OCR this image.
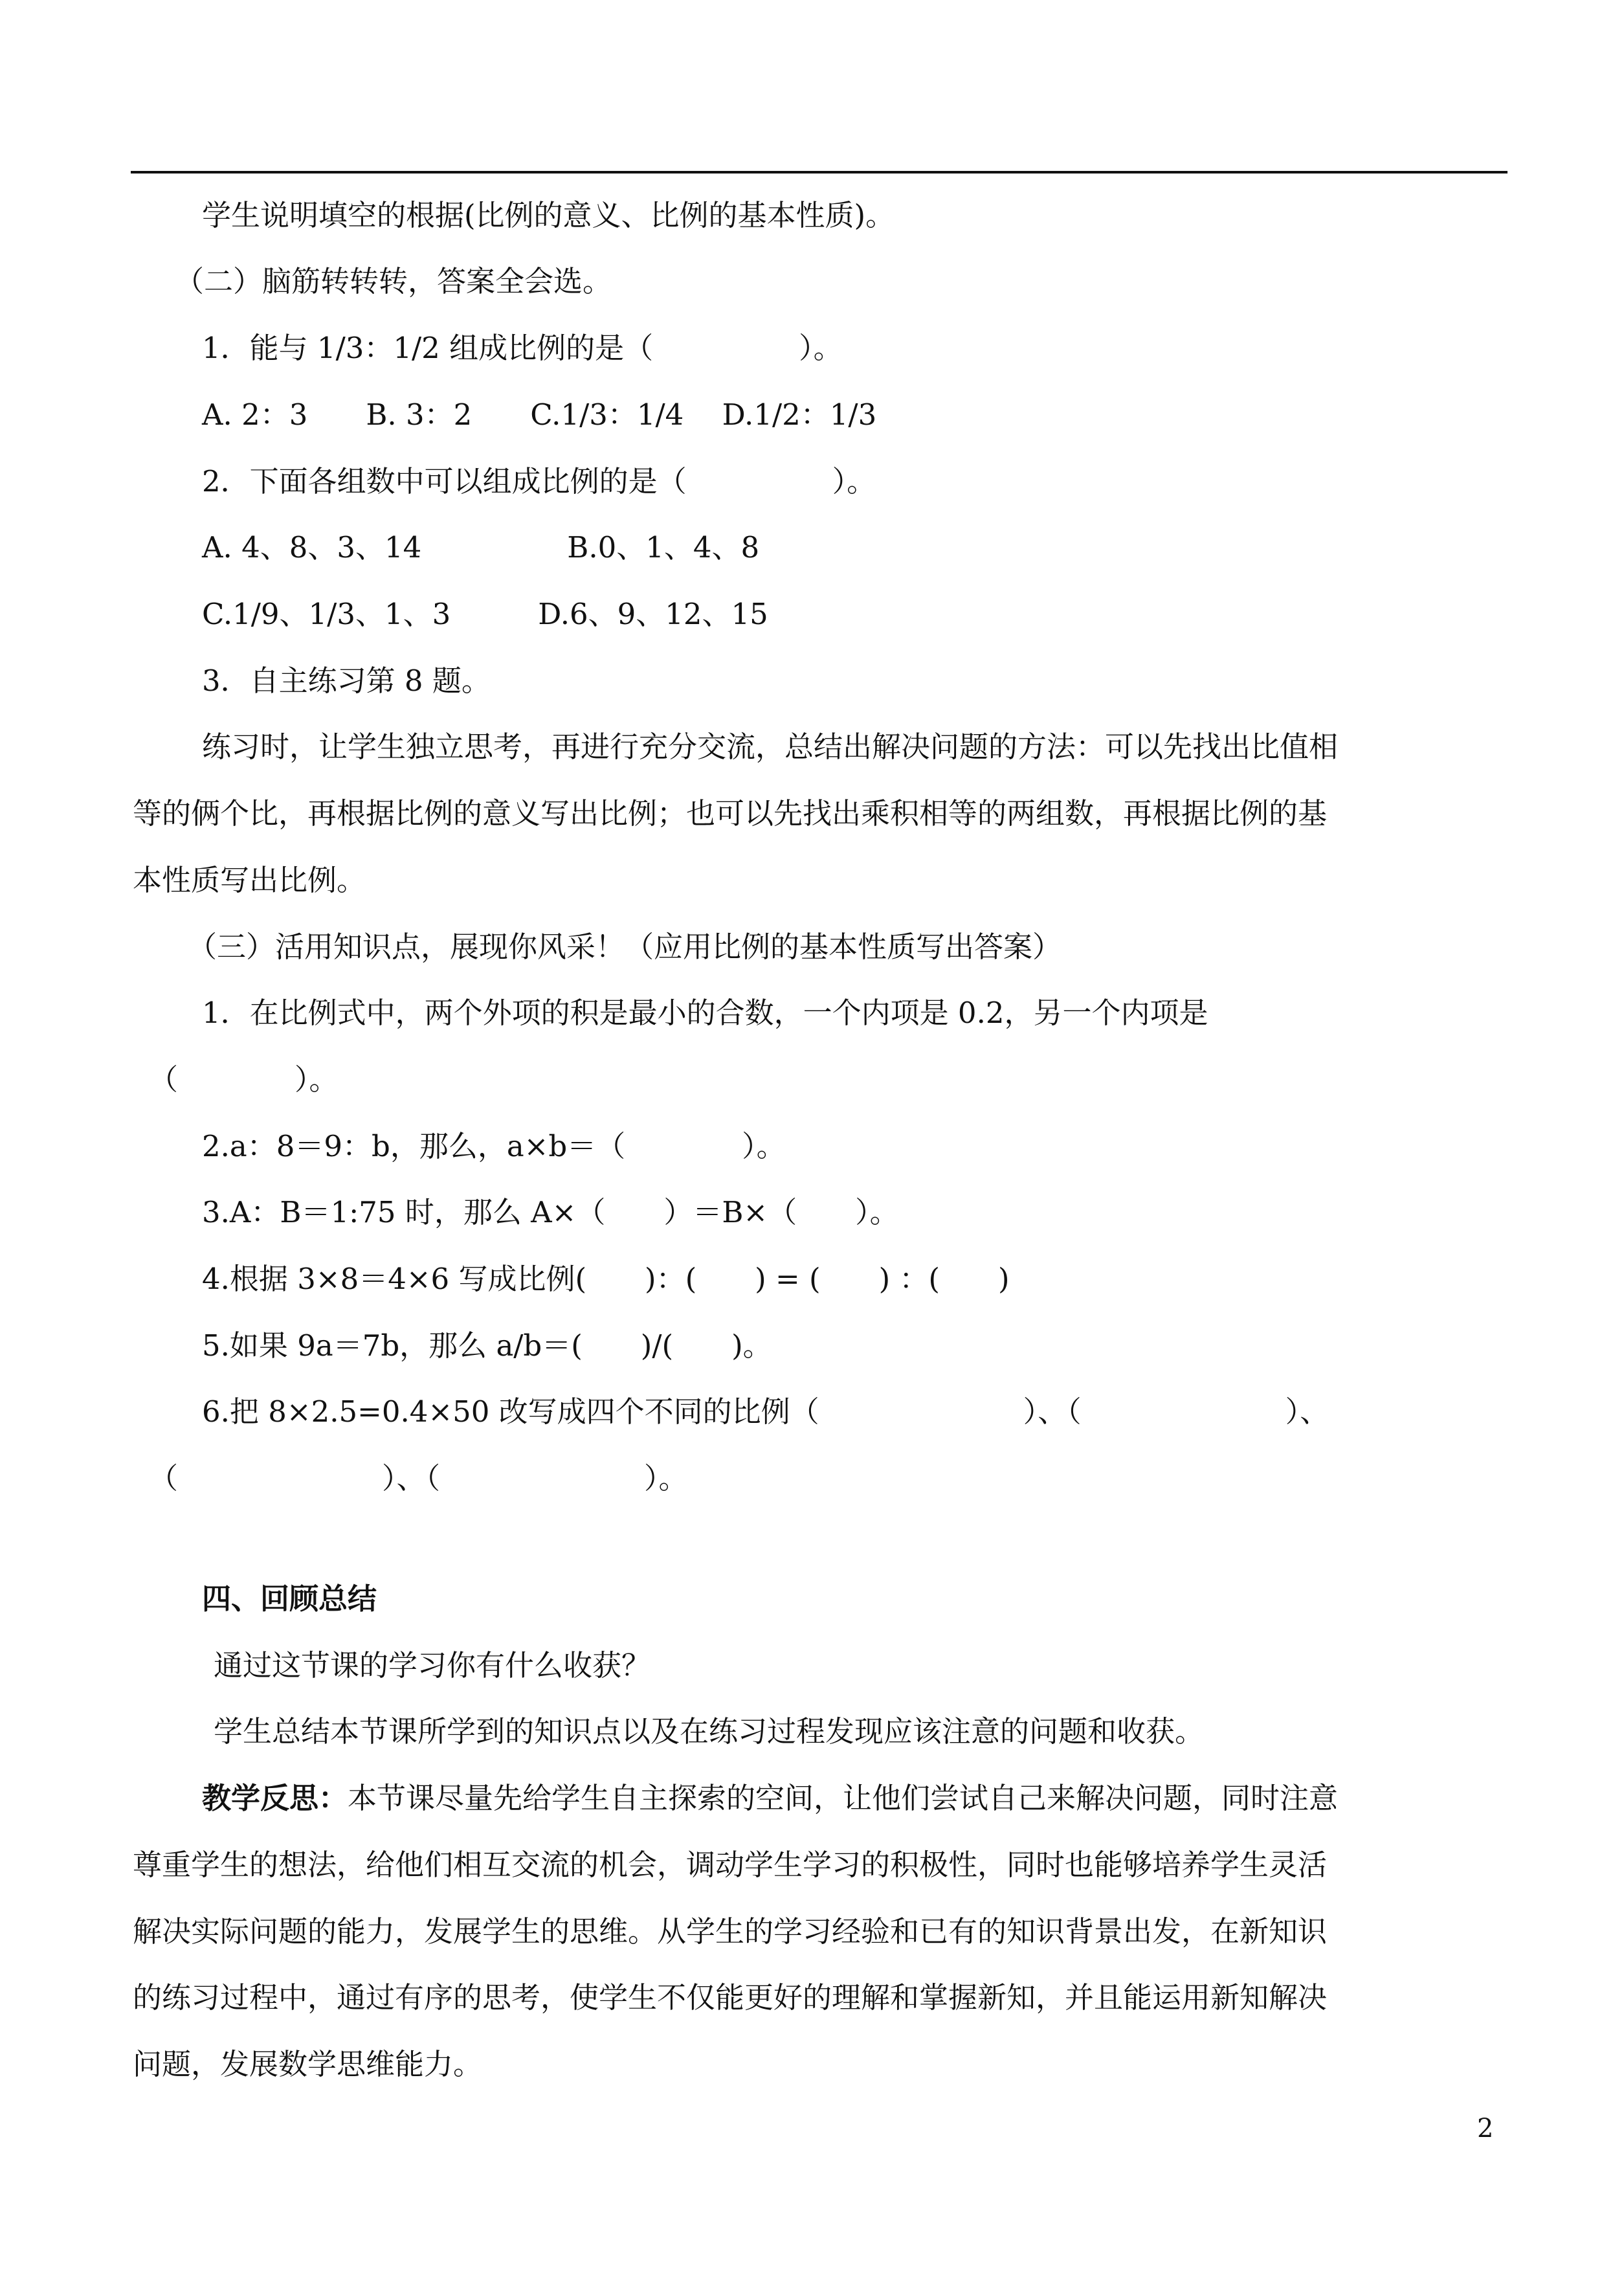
学生说明填空的根据(比例的意义、比例的基本性质)。
（二）脑筋转转转，答案全会选。
1．能与 1/3：1/2 组成比例的是（　　　　　）。
A. 2：3　　B. 3：2　　C.1/3：1/4　 D.1/2：1/3
2．下面各组数中可以组成比例的是（　　　　　）。
A. 4、8、3、14　　　　　B.0、1、4、8
C.1/9、1/3、1、3　　　D.6、9、12、15
3．自主练习第 8 题。
练习时，让学生独立思考，再进行充分交流，总结出解决问题的方法：可以先找出比值相
等的俩个比，再根据比例的意义写出比例；也可以先找出乘积相等的两组数，再根据比例的基
本性质写出比例。
（三）活用知识点，展现你风采！（应用比例的基本性质写出答案）
1．在比例式中，两个外项的积是最小的合数，一个内项是 0.2，另一个内项是
（　　　　）。
2.a：8＝9：b，那么，a×b＝（　　　　）。
3.A：B＝1:75 时，那么 A×（　　）＝B×（　　）。
4.根据 3×8＝4×6 写成比例(　　)：(　　) = (　　) ：(　　)
5.如果 9a＝7b，那么 a/b＝(　　)/(　　)。
6.把 8×2.5=0.4×50 改写成四个不同的比例（　　　　　　　）、（　　　　　　　）、
（　　　　　　　）、（　　　　　　　）。
四、回顾总结
通过这节课的学习你有什么收获？
学生总结本节课所学到的知识点以及在练习过程发现应该注意的问题和收获。
教学反思：本节课尽量先给学生自主探索的空间，让他们尝试自己来解决问题，同时注意
尊重学生的想法，给他们相互交流的机会，调动学生学习的积极性，同时也能够培养学生灵活
解决实际问题的能力，发展学生的思维。从学生的学习经验和已有的知识背景出发，在新知识
的练习过程中，通过有序的思考，使学生不仅能更好的理解和掌握新知，并且能运用新知解决
问题，发展数学思维能力。
2
